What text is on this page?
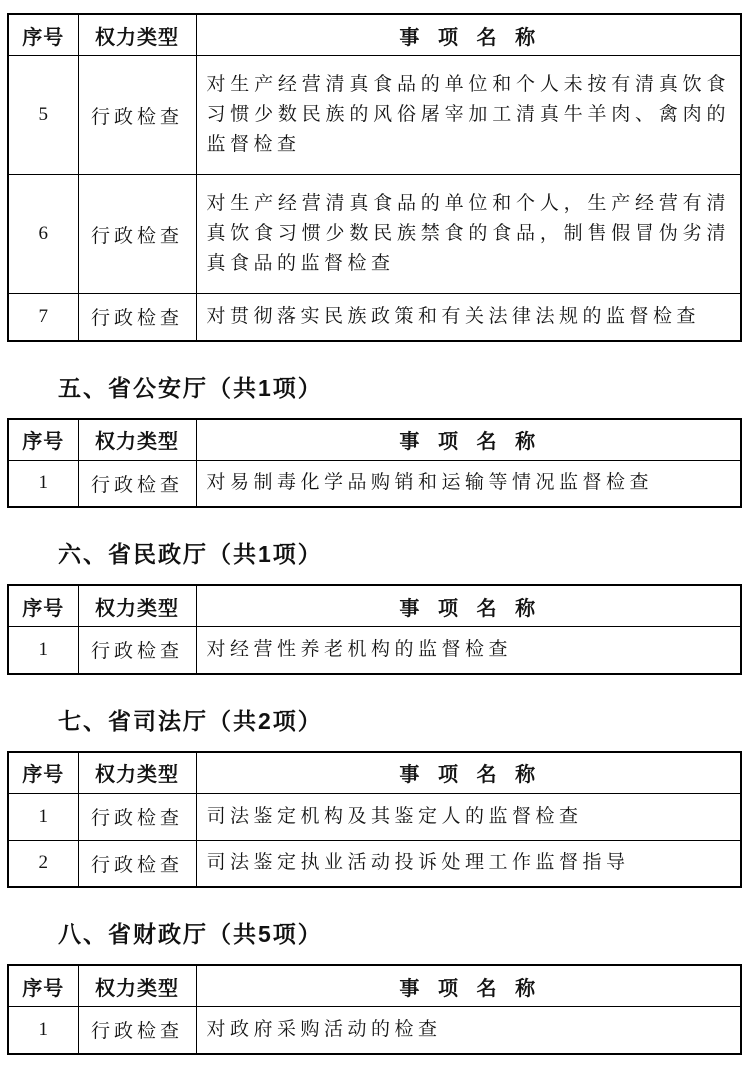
序号	权力类型	事 项 名 称
5	行政检查	对生产经营清真食品的单位和个人未按有清真饮食习惯少数民族的风俗屠宰加工清真牛羊肉、禽肉的监督检查
6	行政检查	对生产经营清真食品的单位和个人，生产经营有清真饮食习惯少数民族禁食的食品，制售假冒伪劣清真食品的监督检查
7	行政检查	对贯彻落实民族政策和有关法律法规的监督检查
五、省公安厅（共1项）
序号	权力类型	事 项 名 称
1	行政检查	对易制毒化学品购销和运输等情况监督检查
六、省民政厅（共1项）
序号	权力类型	事 项 名 称
1	行政检查	对经营性养老机构的监督检查
七、省司法厅（共2项）
序号	权力类型	事 项 名 称
1	行政检查	司法鉴定机构及其鉴定人的监督检查
2	行政检查	司法鉴定执业活动投诉处理工作监督指导
八、省财政厅（共5项）
序号	权力类型	事 项 名 称
1	行政检查	对政府采购活动的检查
